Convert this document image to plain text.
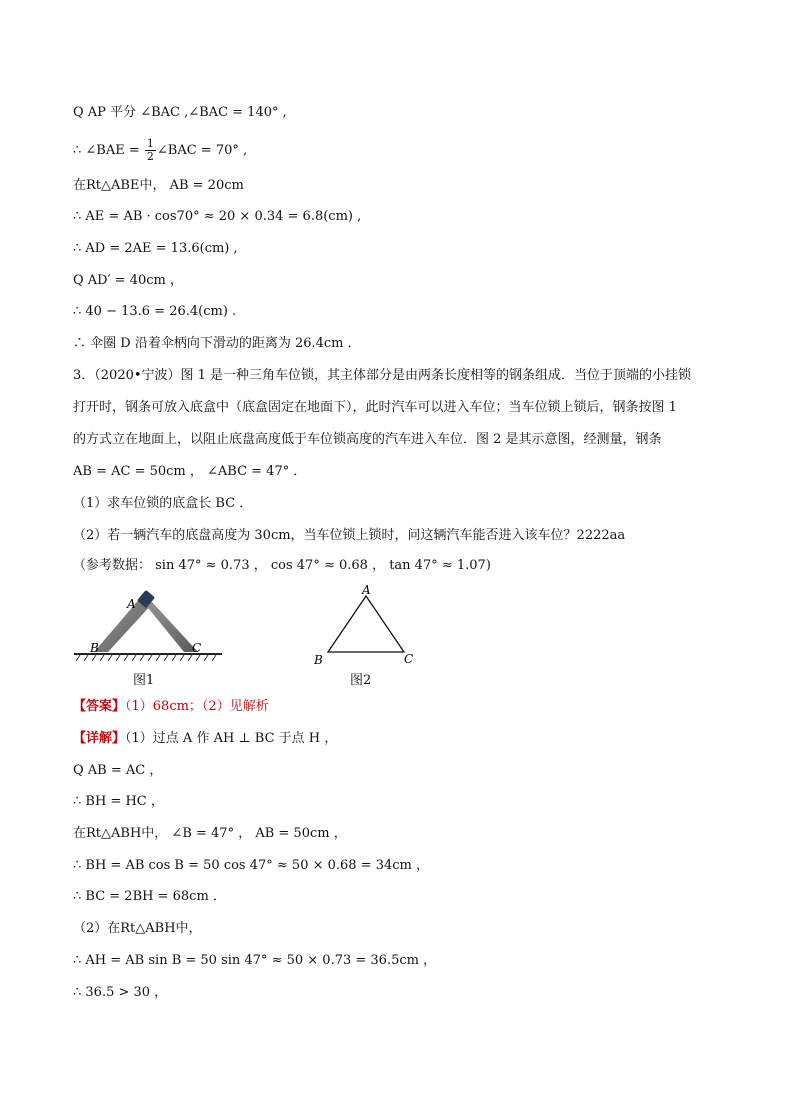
Q AP 平分 ∠BAC ,∠BAC = 140° ,
∴ ∠BAE = $\frac{1}{2}$ ∠BAC = 70° ,
在Rt△ABE中， AB = 20cm
∴ AE = AB · cos70° ≈ 20 × 0.34 = 6.8(cm) ,
∴ AD = 2AE = 13.6(cm) ,
Q AD′ = 40cm ，
∴ 40 − 13.6 = 26.4(cm) .
∴ 伞圈 D 沿着伞柄向下滑动的距离为 26.4cm ．
3．（2020•宁波）图 1 是一种三角车位锁，其主体部分是由两条长度相等的钢条组成．当位于顶端的小挂锁
打开时，钢条可放入底盒中（底盒固定在地面下），此时汽车可以进入车位；当车位锁上锁后，钢条按图 1
的方式立在地面上，以阻止底盘高度低于车位锁高度的汽车进入车位．图 2 是其示意图，经测量，钢条
AB = AC = 50cm ， ∠ABC = 47° ．
（1）求车位锁的底盒长 BC ．
（2）若一辆汽车的底盘高度为 30cm，当车位锁上锁时，问这辆汽车能否进入该车位？2222aa
（参考数据： sin 47° ≈ 0.73 ， cos 47° ≈ 0.68 ， tan 47° ≈ 1.07)
A
B	C
图1
A
B	C
图2
【答案】（1）68cm；（2）见解析
【详解】（1）过点 A 作 AH ⊥ BC 于点 H ，
Q AB = AC ，
∴ BH = HC ，
在Rt△ABH中， ∠B = 47° ， AB = 50cm ，
∴ BH = AB cos B = 50 cos 47° ≈ 50 × 0.68 = 34cm ，
∴ BC = 2BH = 68cm ．
（2）在Rt△ABH中，
∴ AH = AB sin B = 50 sin 47° ≈ 50 × 0.73 = 36.5cm ，
∴ 36.5 > 30 ，
